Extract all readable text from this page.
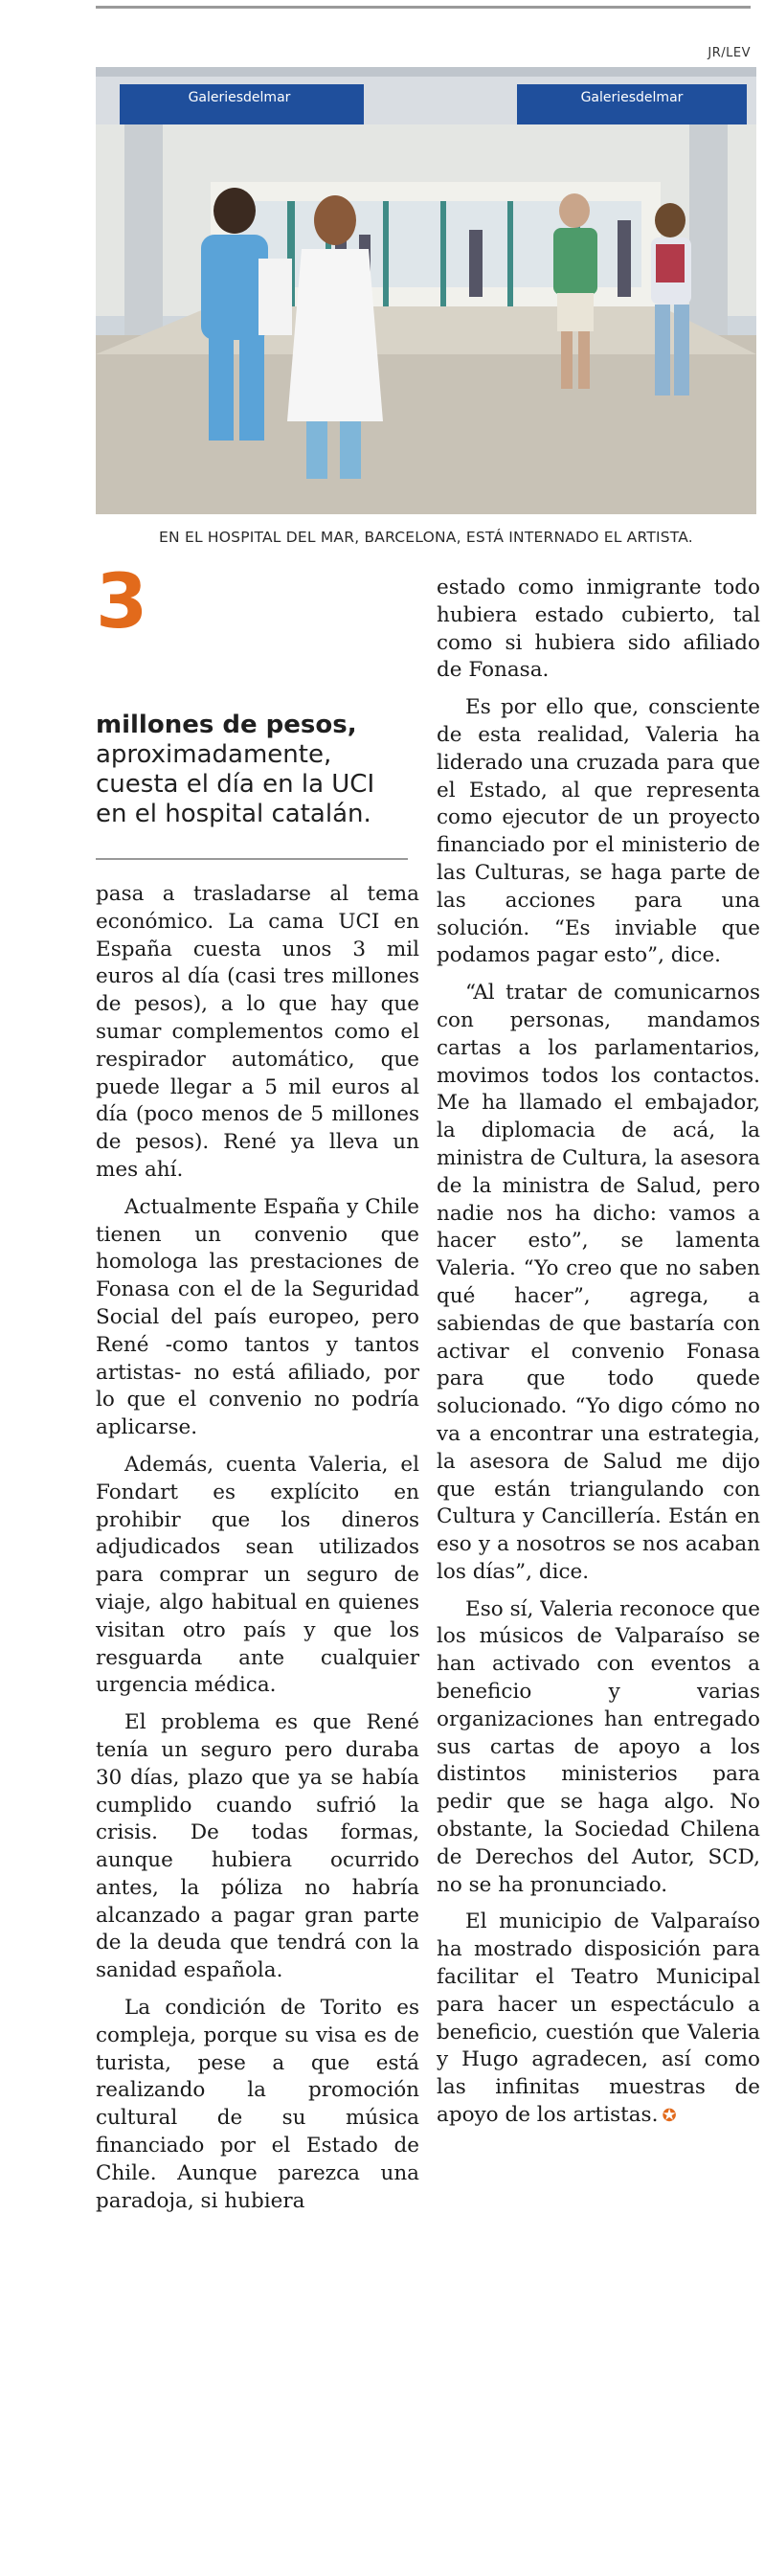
JR/LEV
Galeriesdelmar	Galeriesdelmar
EN EL HOSPITAL DEL MAR, BARCELONA, ESTÁ INTERNADO EL ARTISTA.
3
millones de pesos, aproximadamente, cuesta el día en la UCI en el hospital catalán.

pasa a trasladarse al tema económico. La cama UCI en España cuesta unos 3 mil euros al día (casi tres millones de pesos), a lo que hay que sumar complementos como el respirador automático, que puede llegar a 5 mil euros al día (poco menos de 5 millones de pesos). René ya lleva un mes ahí.

Actualmente España y Chile tienen un convenio que homologa las prestaciones de Fonasa con el de la Seguridad Social del país europeo, pero René -como tantos y tantos artistas- no está afiliado, por lo que el convenio no podría aplicarse.

Además, cuenta Valeria, el Fondart es explícito en prohibir que los dineros adjudicados sean utilizados para comprar un seguro de viaje, algo habitual en quienes visitan otro país y que los resguarda ante cualquier urgencia médica.

El problema es que René tenía un seguro pero duraba 30 días, plazo que ya se había cumplido cuando sufrió la crisis. De todas formas, aunque hubiera ocurrido antes, la póliza no habría alcanzado a pagar gran parte de la deuda que tendrá con la sanidad española.

La condición de Torito es compleja, porque su visa es de turista, pese a que está realizando la promoción cultural de su música financiado por el Estado de Chile. Aunque parezca una paradoja, si hubiera

estado como inmigrante todo hubiera estado cubierto, tal como si hubiera sido afiliado de Fonasa.

Es por ello que, consciente de esta realidad, Valeria ha liderado una cruzada para que el Estado, al que representa como ejecutor de un proyecto financiado por el ministerio de las Culturas, se haga parte de las acciones para una solución. “Es inviable que podamos pagar esto”, dice.

“Al tratar de comunicarnos con personas, mandamos cartas a los parlamentarios, movimos todos los contactos. Me ha llamado el embajador, la diplomacia de acá, la ministra de Cultura, la asesora de la ministra de Salud, pero nadie nos ha dicho: vamos a hacer esto”, se lamenta Valeria. “Yo creo que no saben qué hacer”, agrega, a sabiendas de que bastaría con activar el convenio Fonasa para que todo quede solucionado. “Yo digo cómo no va a encontrar una estrategia, la asesora de Salud me dijo que están triangulando con Cultura y Cancillería. Están en eso y a nosotros se nos acaban los días”, dice.

Eso sí, Valeria reconoce que los músicos de Valparaíso se han activado con eventos a beneficio y varias organizaciones han entregado sus cartas de apoyo a los distintos ministerios para pedir que se haga algo. No obstante, la Sociedad Chilena de Derechos del Autor, SCD, no se ha pronunciado.

El municipio de Valparaíso ha mostrado disposición para facilitar el Teatro Municipal para hacer un espectáculo a beneficio, cuestión que Valeria y Hugo agradecen, así como las infinitas muestras de apoyo de los artistas. ✪
